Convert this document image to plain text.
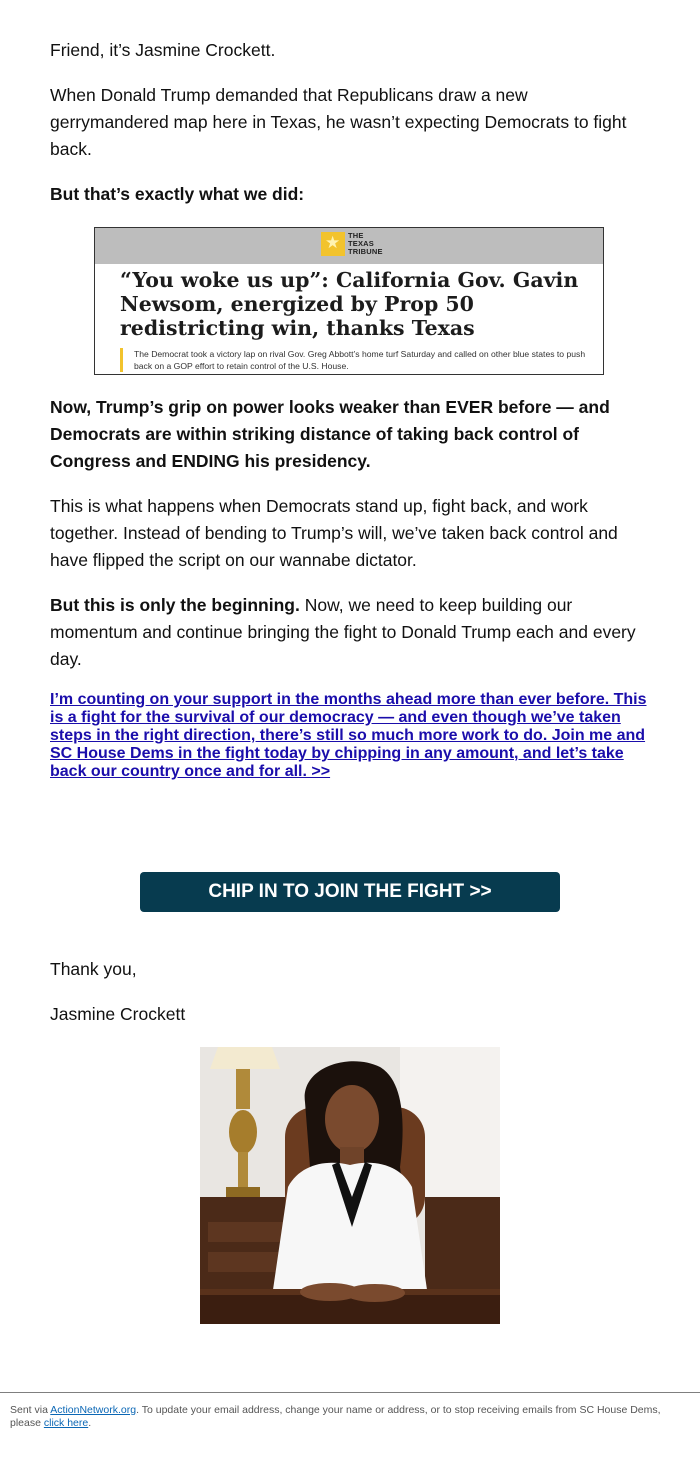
Friend, it’s Jasmine Crockett.

When Donald Trump demanded that Republicans draw a new gerrymandered map here in Texas, he wasn’t expecting Democrats to fight back.

But that’s exactly what we did:

★
THE
TEXAS
TRIBUNE
“You woke us up”: California Gov. Gavin Newsom, energized by Prop 50 redistricting win, thanks Texas
The Democrat took a victory lap on rival Gov. Greg Abbott’s home turf Saturday and called on other blue states to push back on a GOP effort to retain control of the U.S. House.

Now, Trump’s grip on power looks weaker than EVER before — and Democrats are within striking distance of taking back control of Congress and ENDING his presidency.

This is what happens when Democrats stand up, fight back, and work together. Instead of bending to Trump’s will, we’ve taken back control and have flipped the script on our wannabe dictator.

But this is only the beginning. Now, we need to keep building our momentum and continue bringing the fight to Donald Trump each and every day.

I’m counting on your support in the months ahead more than ever before. This is a fight for the survival of our democracy — and even though we’ve taken steps in the right direction, there’s still so much more work to do. Join me and SC House Dems in the fight today by chipping in any amount, and let’s take back our country once and for all. >>
CHIP IN TO JOIN THE FIGHT >>

Thank you,

Jasmine Crockett

Sent via ActionNetwork.org. To update your email address, change your name or address, or to stop receiving emails from SC House Dems, please click here.
